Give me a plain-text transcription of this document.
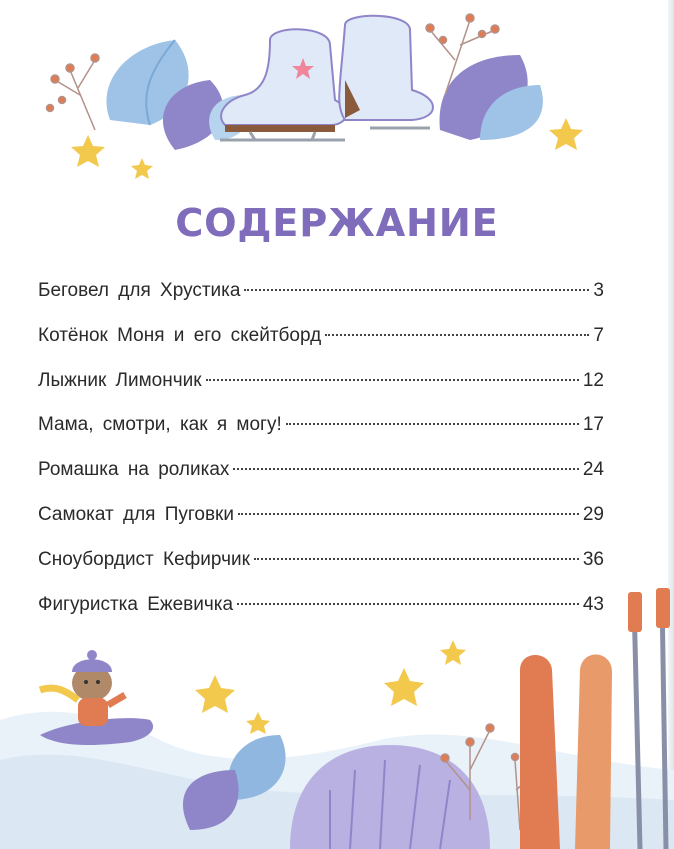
СОДЕРЖАНИЕ
Беговел для Хрустика	3
Котёнок Моня и его скейтборд	7
Лыжник Лимончик	12
Мама, смотри, как я могу!	17
Ромашка на роликах	24
Самокат для Пуговки	29
Сноубордист Кефирчик	36
Фигуристка Ежевичка	43
